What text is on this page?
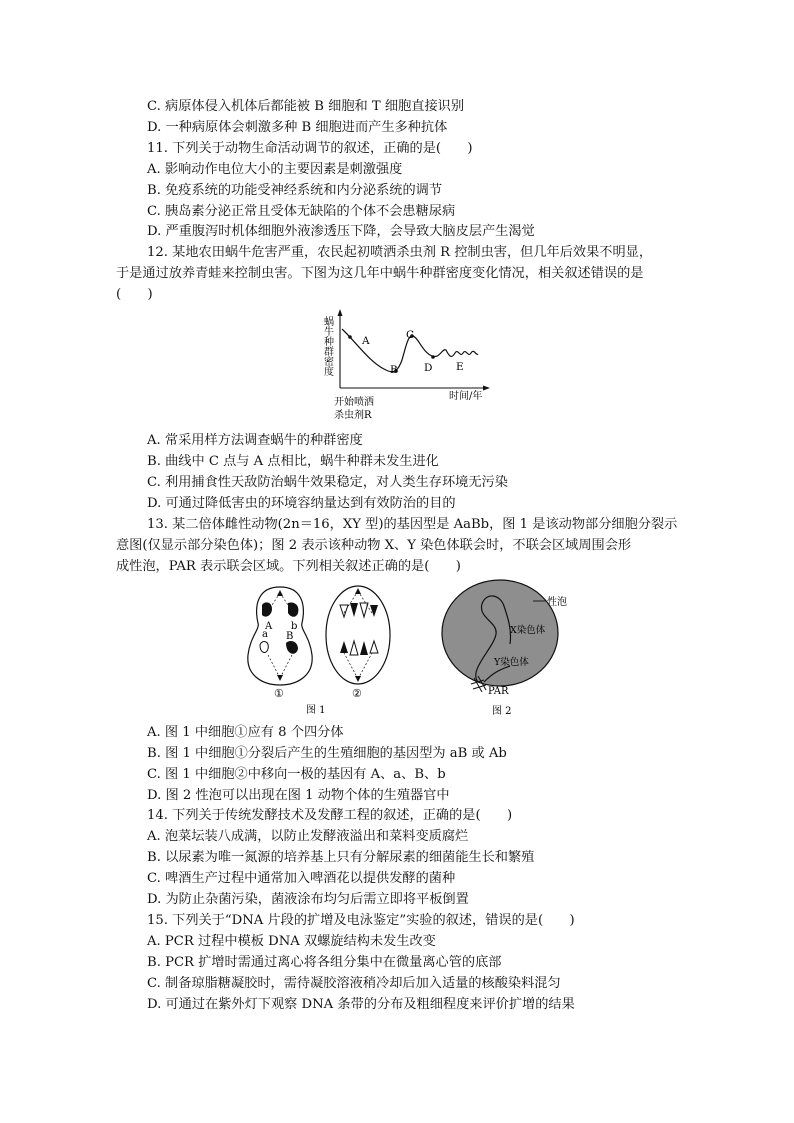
C. 病原体侵入机体后都能被 B 细胞和 T 细胞直接识别
D. 一种病原体会刺激多种 B 细胞进而产生多种抗体
11. 下列关于动物生命活动调节的叙述，正确的是(　　)
A. 影响动作电位大小的主要因素是刺激强度
B. 免疫系统的功能受神经系统和内分泌系统的调节
C. 胰岛素分泌正常且受体无缺陷的个体不会患糖尿病
D. 严重腹泻时机体细胞外液渗透压下降，会导致大脑皮层产生渴觉
12. 某地农田蜗牛危害严重，农民起初喷洒杀虫剂 R 控制虫害，但几年后效果不明显，
于是通过放养青蛙来控制虫害。下图为这几年中蜗牛种群密度变化情况，相关叙述错误的是
(　　)
A
B
C
D E
蜗牛种群密度
时间/年
开始喷洒
杀虫剂R
A. 常采用样方法调查蜗牛的种群密度
B. 曲线中 C 点与 A 点相比，蜗牛种群未发生进化
C. 利用捕食性天敌防治蜗牛效果稳定，对人类生存环境无污染
D. 可通过降低害虫的环境容纳量达到有效防治的目的
13. 某二倍体雌性动物(2n＝16，XY 型)的基因型是 AaBb，图 1 是该动物部分细胞分裂示
意图(仅显示部分染色体)；图 2 表示该种动物 X、Y 染色体联会时，不联会区域周围会形
成性泡，PAR 表示联会区域。下列相关叙述正确的是(　　)
A b
a B
①	②
图 1
性泡
X染色体
Y染色体
PAR
图 2
A. 图 1 中细胞①应有 8 个四分体
B. 图 1 中细胞①分裂后产生的生殖细胞的基因型为 aB 或 Ab
C. 图 1 中细胞②中移向一极的基因有 A、a、B、b
D. 图 2 性泡可以出现在图 1 动物个体的生殖器官中
14. 下列关于传统发酵技术及发酵工程的叙述，正确的是(　　)
A. 泡菜坛装八成满，以防止发酵液溢出和菜料变质腐烂
B. 以尿素为唯一氮源的培养基上只有分解尿素的细菌能生长和繁殖
C. 啤酒生产过程中通常加入啤酒花以提供发酵的菌种
D. 为防止杂菌污染，菌液涂布均匀后需立即将平板倒置
15. 下列关于“DNA 片段的扩增及电泳鉴定”实验的叙述，错误的是(　　)
A. PCR 过程中模板 DNA 双螺旋结构未发生改变
B. PCR 扩增时需通过离心将各组分集中在微量离心管的底部
C. 制备琼脂糖凝胶时，需待凝胶溶液稍冷却后加入适量的核酸染料混匀
D. 可通过在紫外灯下观察 DNA 条带的分布及粗细程度来评价扩增的结果
